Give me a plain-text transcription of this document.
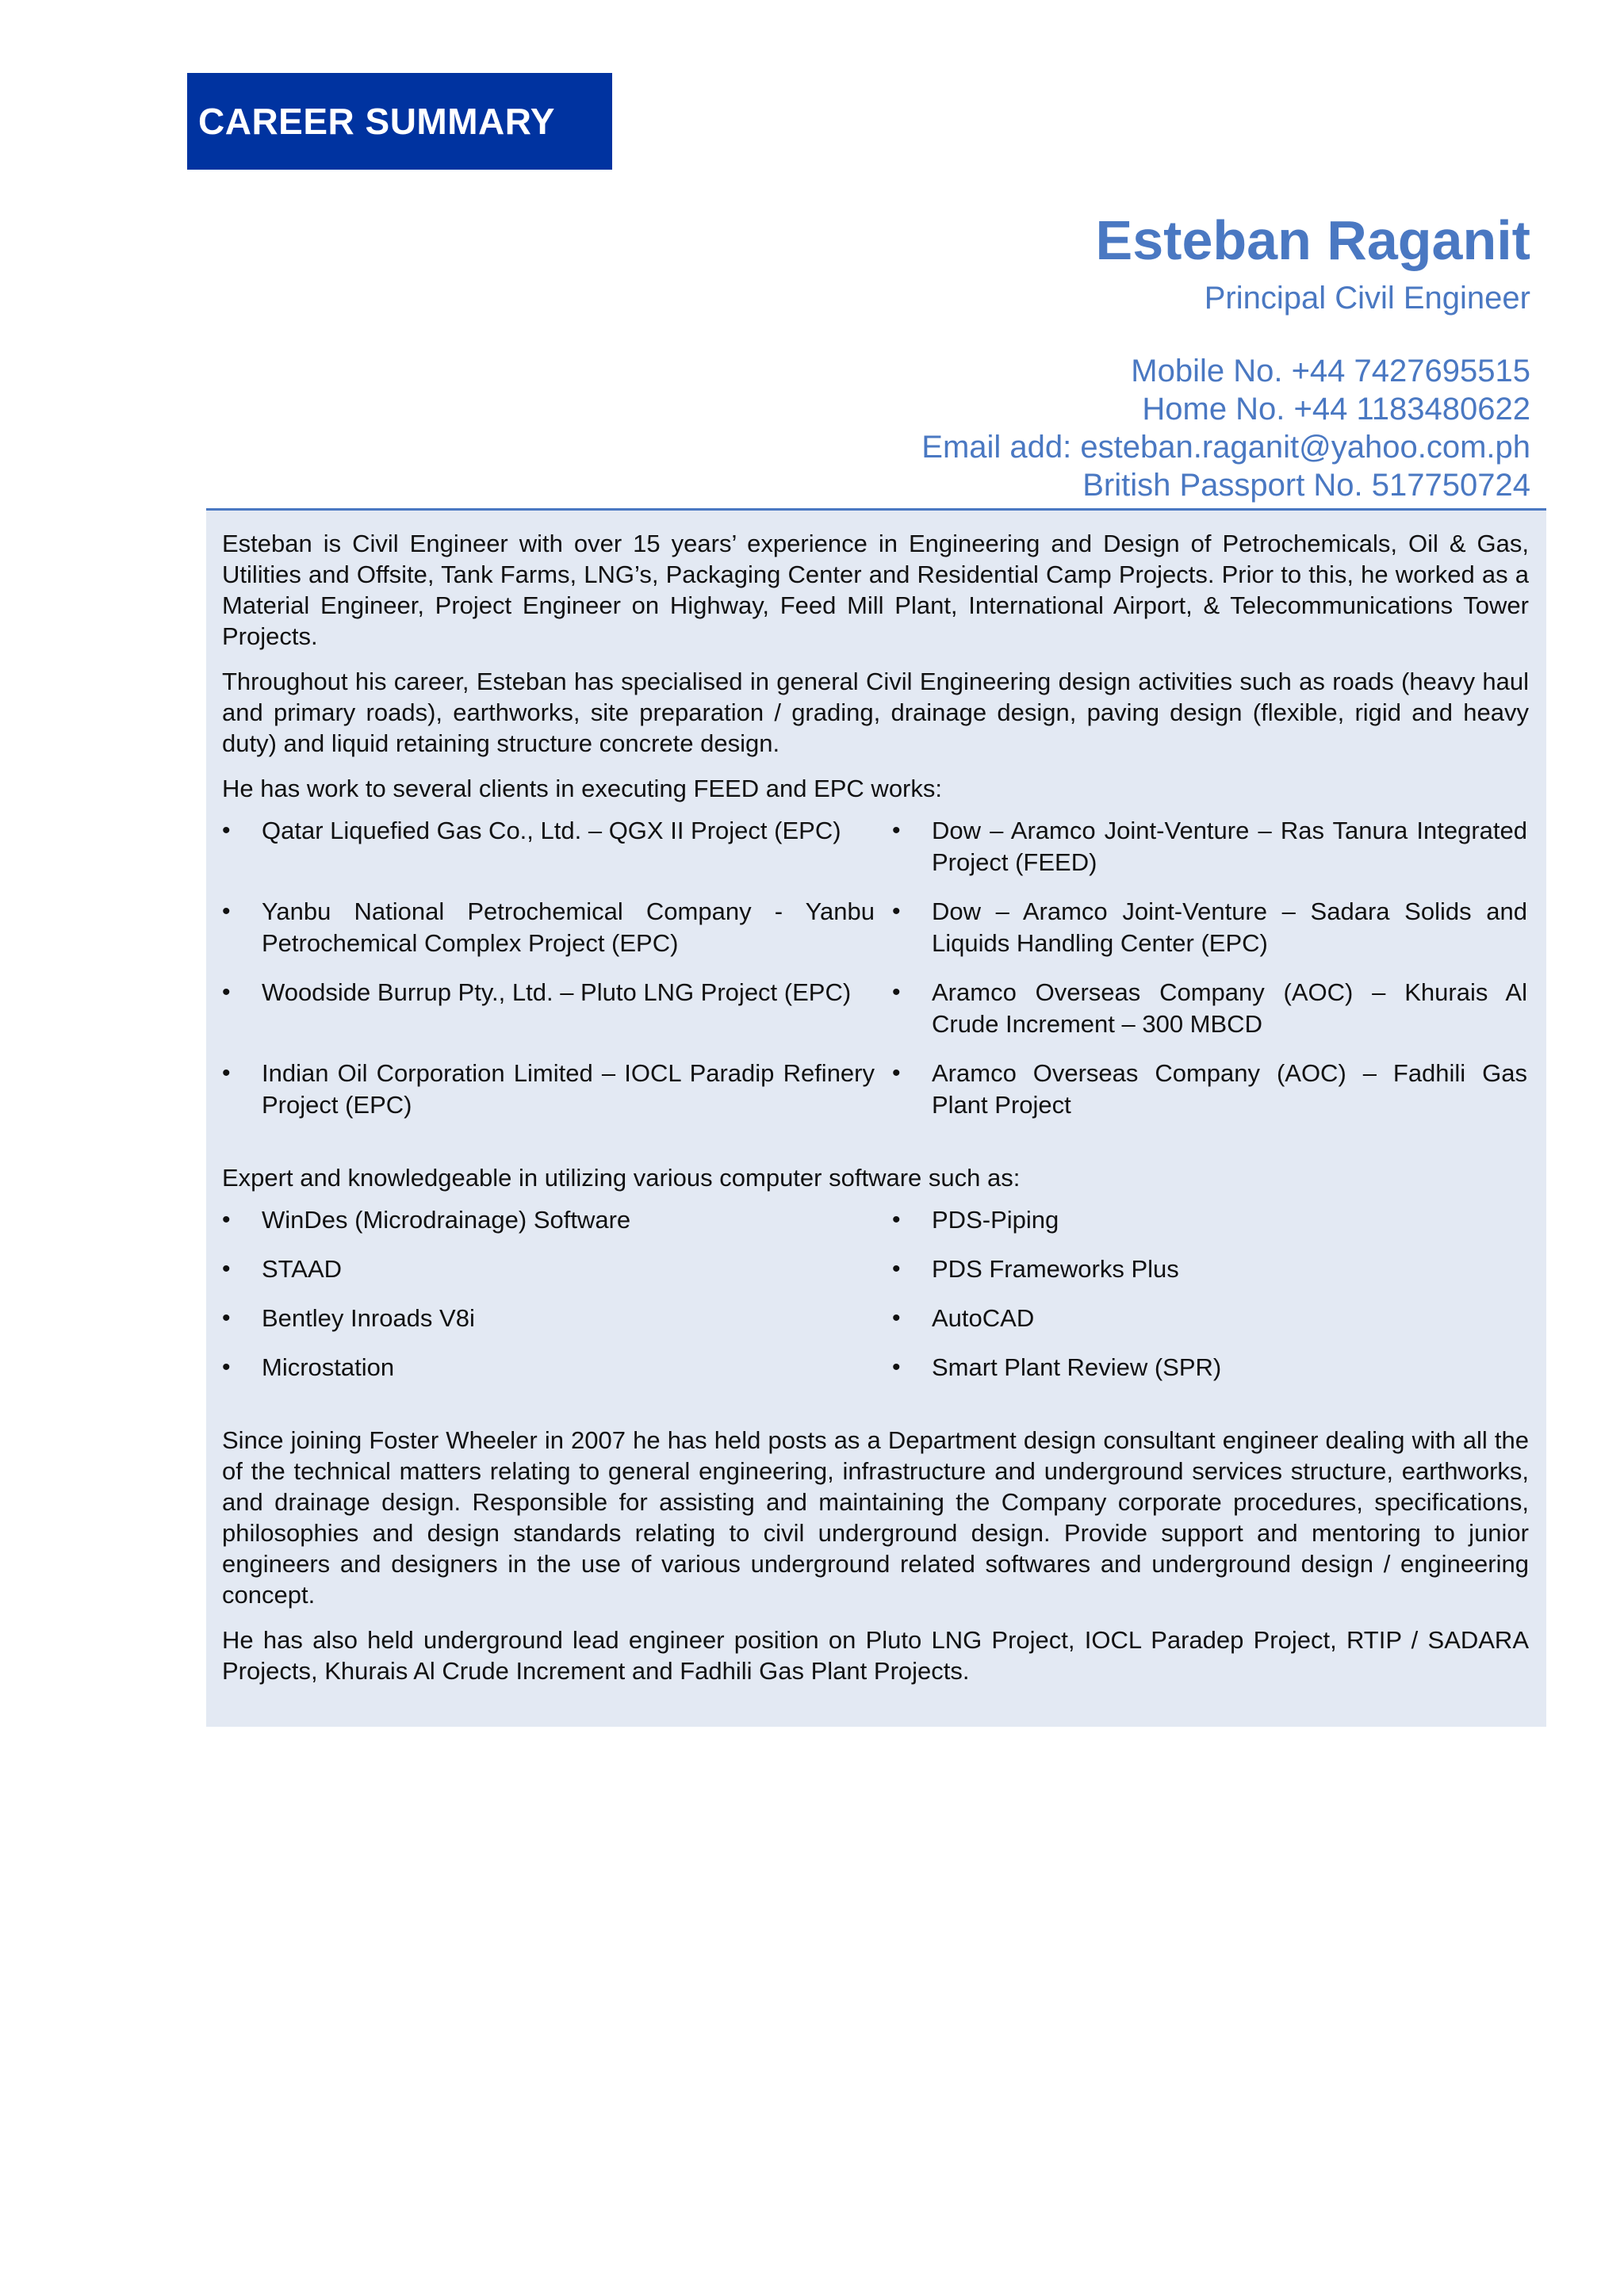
CAREER SUMMARY

Esteban Raganit

Principal Civil Engineer

Mobile No. +44 7427695515

Home No. +44 1183480622

Email add: esteban.raganit@yahoo.com.ph

British Passport No. 517750724

Esteban is Civil Engineer with over 15 years’ experience in Engineering and Design of Petrochemicals, Oil & Gas, Utilities and Offsite, Tank Farms, LNG’s, Packaging Center and Residential Camp Projects. Prior to this, he worked as a Material Engineer, Project Engineer on Highway, Feed Mill Plant, International Airport, & Telecommunications Tower Projects.

Throughout his career, Esteban has specialised in general Civil Engineering design activities such as roads (heavy haul and primary roads), earthworks, site preparation / grading, drainage design, paving design (flexible, rigid and heavy duty) and liquid retaining structure concrete design.

He has work to several clients in executing FEED and EPC works:

•	Qatar Liquefied Gas Co., Ltd. – QGX II Project (EPC)	•	Dow – Aramco Joint-Venture – Ras Tanura Integrated Project (FEED)
•	Yanbu National Petrochemical Company - Yanbu Petrochemical Complex Project (EPC)
•	Dow – Aramco Joint-Venture – Sadara Solids and Liquids Handling Center (EPC)
•	Woodside Burrup Pty., Ltd. – Pluto LNG Project (EPC)	•	Aramco Overseas Company (AOC) – Khurais Al Crude Increment – 300 MBCD
•	Indian Oil Corporation Limited – IOCL Paradip Refinery Project (EPC)
•	Aramco Overseas Company (AOC) – Fadhili Gas Plant Project

Expert and knowledgeable in utilizing various computer software such as:

•	WinDes (Microdrainage) Software	•	PDS-Piping
•	STAAD	•	PDS Frameworks Plus
•	Bentley Inroads V8i	•	AutoCAD
•	Microstation	•	Smart Plant Review (SPR)

Since joining Foster Wheeler in 2007 he has held posts as a Department design consultant engineer dealing with all the of the technical matters relating to general engineering, infrastructure and underground services structure, earthworks, and drainage design. Responsible for assisting and maintaining the Company corporate procedures, specifications, philosophies and design standards relating to civil underground design. Provide support and mentoring to junior engineers and designers in the use of various underground related softwares and underground design / engineering concept.

He has also held underground lead engineer position on Pluto LNG Project, IOCL Paradep Project, RTIP / SADARA Projects, Khurais Al Crude Increment and Fadhili Gas Plant Projects.
